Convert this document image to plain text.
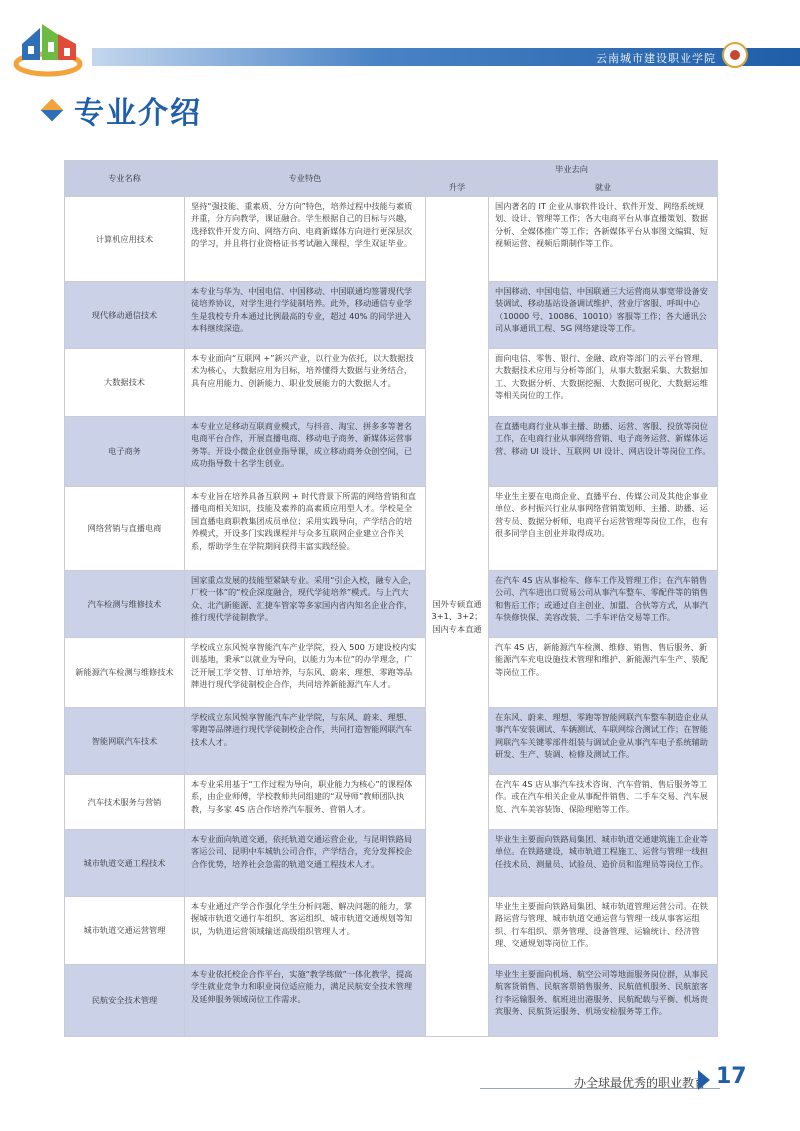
云南城市建设职业学院
专业介绍
专业名称	专业特色	毕业去向	
		升学	就业
计算机应用技术	坚持“强技能、重素质、分方向”特色，培养过程中技能与素质并重，分方向教学，课证融合。学生根据自己的目标与兴趣，选择软件开发方向、网络方向、电商新媒体方向进行更深层次的学习，并且将行业资格证书考试融入课程，学生双证毕业。	国外专硕直通3+1、3+2；国内专本直通	国内著名的 IT 企业从事软件设计、软件开发、网络系统规划、设计、管理等工作；各大电商平台从事直播策划、数据分析、全媒体推广等工作；各新媒体平台从事图文编辑、短视频运营、视频后期制作等工作。
现代移动通信技术	本专业与华为、中国电信、中国移动、中国联通均签署现代学徒培养协议，对学生进行学徒制培养。此外，移动通信专业学生是我校专升本通过比例最高的专业，超过 40% 的同学进入本科继续深造。		中国移动、中国电信、中国联通三大运营商从事宽带设备安装调试、移动基站设备调试维护、营业厅客服、呼叫中心（10000 号、10086、10010）客服等工作；各大通讯公司从事通讯工程、5G 网络建设等工作。
大数据技术	本专业面向“互联网 +”新兴产业，以行业为依托，以大数据技术为核心，大数据应用为目标，培养懂得大数据与业务结合，具有应用能力、创新能力、职业发展能力的大数据人才。		面向电信、零售、银行、金融、政府等部门的云平台管理、大数据技术应用与分析等部门，从事大数据采集、大数据加工、大数据分析、大数据挖掘、大数据可视化、大数据运维等相关岗位的工作。
电子商务	本专业立足移动互联商业模式，与抖音、淘宝、拼多多等著名电商平台合作，开展直播电商、移动电子商务、新媒体运营事务等。开设小微企业创业指导课，成立移动商务众创空间，已成功指导数十名学生创业。		在直播电商行业从事主播、助播、运营、客服、投放等岗位工作，在电商行业从事网络营销、电子商务运营、新媒体运营、移动 UI 设计、互联网 UI 设计、网店设计等岗位工作。
网络营销与直播电商	本专业旨在培养具备互联网 + 时代背景下所需的网络营销和直播电商相关知识，技能及素养的高素质应用型人才。学校是全国直播电商职教集团成员单位；采用实践导向，产学结合的培养模式，开设多门实践课程并与众多互联网企业建立合作关系，帮助学生在学院期间获得丰富实践经验。		毕业生主要在电商企业、直播平台、传媒公司及其他企事业单位、乡村振兴行业从事网络营销策划师、主播、助播、运营专员、数据分析师、电商平台运营管理等岗位工作，也有很多同学自主创业并取得成功。
汽车检测与维修技术	国家重点发展的技能型紧缺专业。采用“引企入校，融专入企，厂校一体”的“校企深度融合，现代学徒培养”模式。与上汽大众、北汽新能源、汇捷车管家等多家国内省内知名企业合作，推行现代学徒制教学。		在汽车 4S 店从事检车、修车工作及管理工作；在汽车销售公司、汽车进出口贸易公司从事汽车整车、零配件等的销售和售后工作；或通过自主创业、加盟、合伙等方式，从事汽车快修快保、美容改装、二手车评估交易等工作。
新能源汽车检测与维修技术	学校成立东风悦享智能汽车产业学院，投入 500 万建设校内实训基地，秉承“以就业为导向，以能力为本位”的办学理念，广泛开展工学交替、订单培养，与东风、蔚来、理想、零跑等品牌进行现代学徒制校企合作，共同培养新能源汽车人才。		汽车 4S 店，新能源汽车检测、维修、销售、售后服务、新能源汽车充电设施技术管理和维护、新能源汽车生产、装配等岗位工作。
智能网联汽车技术	学校成立东风悦享智能汽车产业学院，与东风、蔚来、理想、零跑等品牌进行现代学徒制校企合作，共同打造智能网联汽车技术人才。		在东风、蔚来、理想、零跑等智能网联汽车整车制造企业从事汽车安装调试、车辆测试、车联网综合测试工作；在智能网联汽车关键零部件组装与调试企业从事汽车电子系统辅助研发、生产、装调、检修及测试工作。
汽车技术服务与营销	本专业采用基于“工作过程为导向，职业能力为核心”的课程体系，由企业师傅，学校教师共同组建的“双导师”教师团队执教，与多家 4S 店合作培养汽车服务、营销人才。		在汽车 4S 店从事汽车技术咨询、汽车营销、售后服务等工作。或在汽车相关企业从事配件销售、二手车交易、汽车展览、汽车美容装饰、保险理赔等工作。
城市轨道交通工程技术	本专业面向轨道交通，依托轨道交通运营企业，与昆明铁路局客运公司、昆明中车城轨公司合作，产学结合，充分发挥校企合作优势，培养社会急需的轨道交通工程技术人才。		毕业生主要面向铁路局集团、城市轨道交通建筑施工企业等单位。在铁路建设，城市轨道工程施工、运营与管理一线担任技术员、测量员、试验员、造价员和监理员等岗位工作。
城市轨道交通运营管理	本专业通过产学合作强化学生分析问题、解决问题的能力，掌握城市轨道交通行车组织、客运组织、城市轨道交通规划等知识，为轨道运营领域输送高级组织管理人才。		毕业生主要面向铁路局集团、城市轨道管理运营公司。在铁路运营与管理、城市轨道交通运营与管理一线从事客运组织、行车组织、票务管理、设备管理、运输统计、经济管理、交通规划等岗位工作。
民航安全技术管理	本专业依托校企合作平台，实施“教学练做”一体化教学，提高学生就业竞争力和职业岗位适应能力，满足民航安全技术管理及延伸服务领域岗位工作需求。		毕业生主要面向机场、航空公司等地面服务岗位群，从事民航客货销售、民航客票销售服务、民航值机服务、民航旅客行李运输服务、航班进出港服务、民航配载与平衡、机场贵宾服务、民航货运服务、机场安检服务等工作。
办全球最优秀的职业教育 17
